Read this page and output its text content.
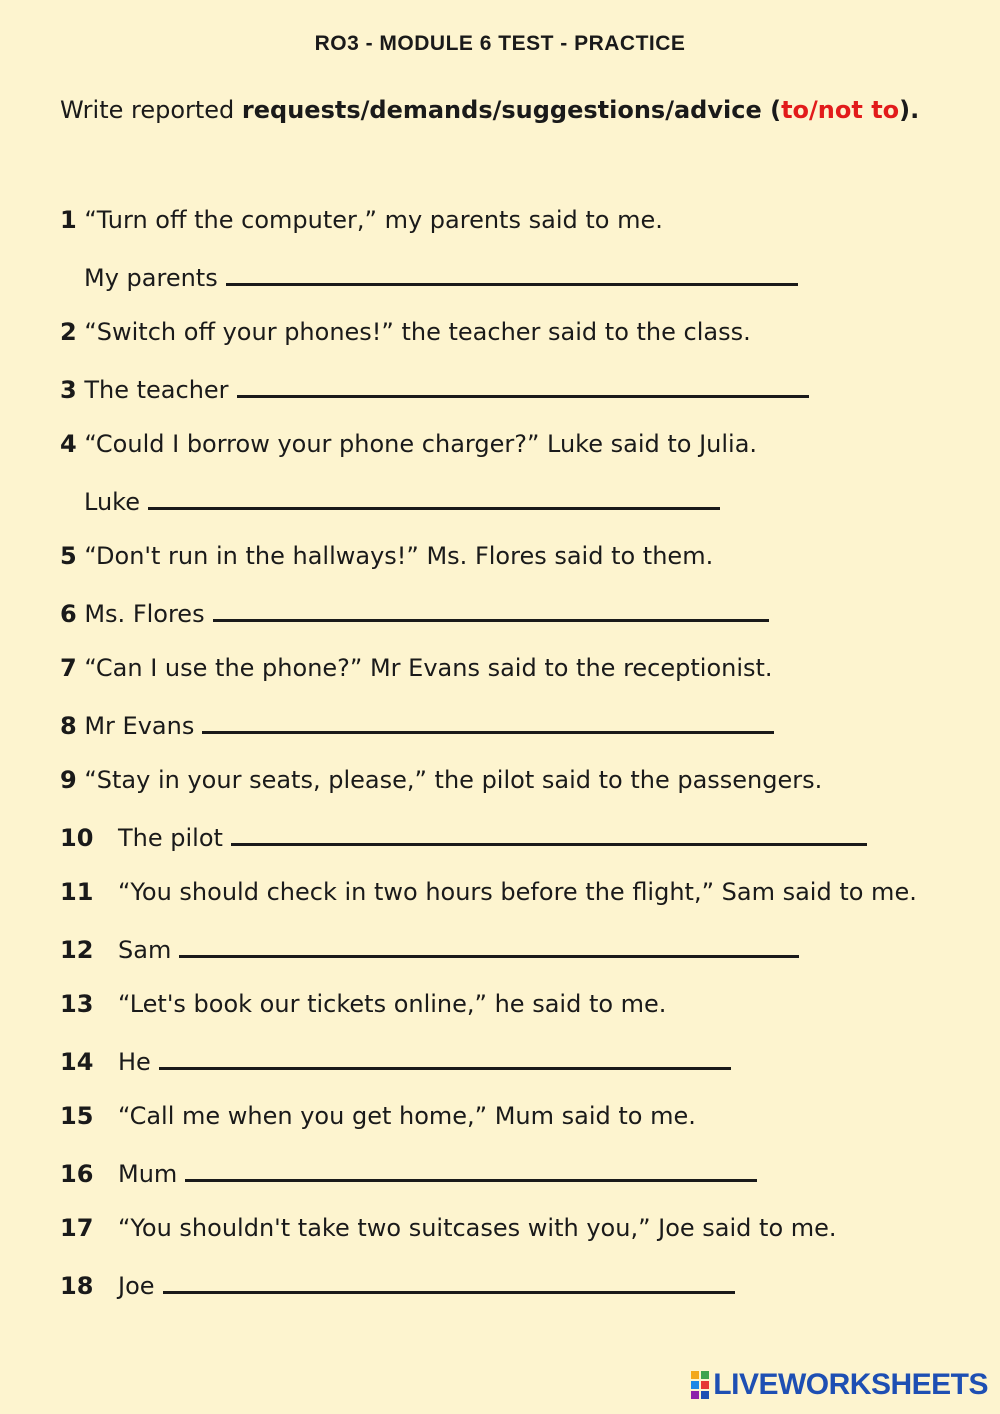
RO3 - MODULE 6 TEST - PRACTICE
Write reported requests/demands/suggestions/advice (to/not to).
1 “Turn off the computer,” my parents said to me.
My parents
2 “Switch off your phones!” the teacher said to the class.
3 The teacher
4 “Could I borrow your phone charger?” Luke said to Julia.
Luke
5 “Don't run in the hallways!” Ms. Flores said to them.
6 Ms. Flores
7 “Can I use the phone?” Mr Evans said to the receptionist.
8 Mr Evans
9 “Stay in your seats, please,” the pilot said to the passengers.
10 The pilot
11 “You should check in two hours before the flight,” Sam said to me.
12 Sam
13“Let's book our tickets online,” he said to me.
14 He
15 “Call me when you get home,” Mum said to me.
16 Mum
17 “You shouldn't take two suitcases with you,” Joe said to me.
18 Joe
LIVEWORKSHEETS
